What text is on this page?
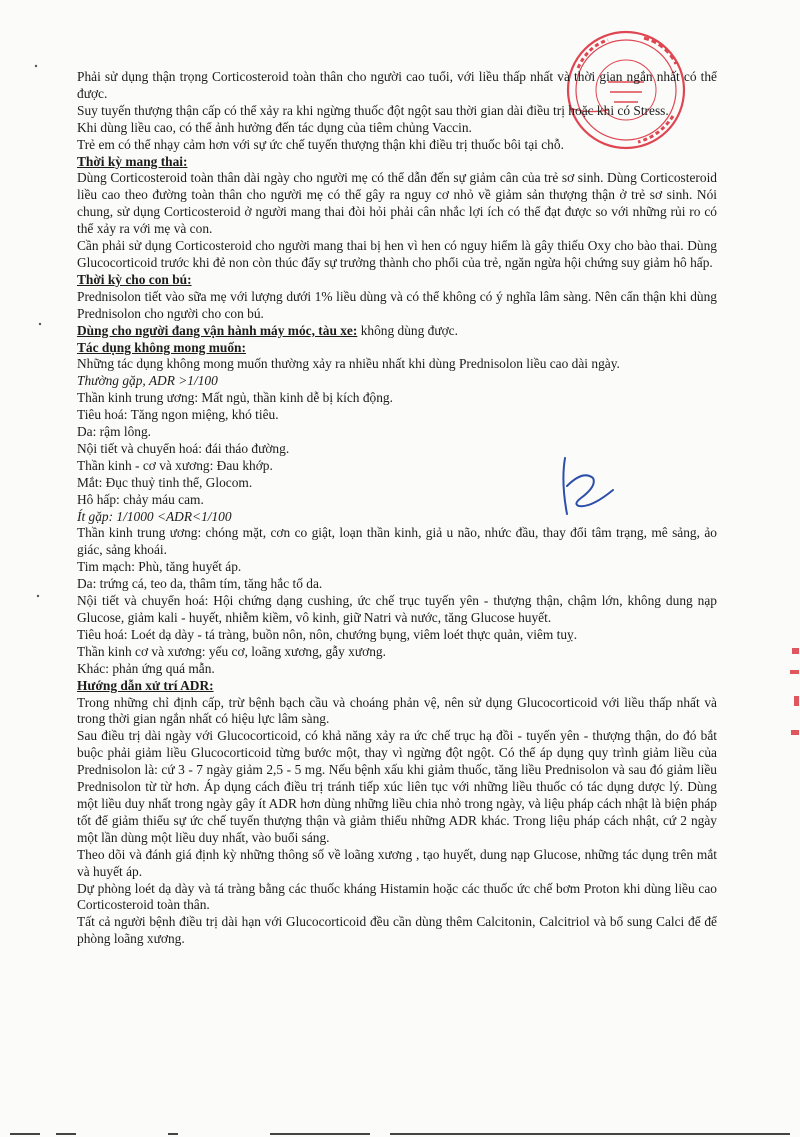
Phải sử dụng thận trọng Corticosteroid toàn thân cho người cao tuổi, với liều thấp nhất và thời gian ngắn nhất có thể được.

Suy tuyến thượng thận cấp có thể xảy ra khi ngừng thuốc đột ngột sau thời gian dài điều trị hoặc khi có Stress.

Khi dùng liều cao, có thể ảnh hưởng đến tác dụng của tiêm chủng Vaccin.

Trẻ em có thể nhạy cảm hơn với sự ức chế tuyến thượng thận khi điều trị thuốc bôi tại chỗ.

Thời kỳ mang thai:

Dùng Corticosteroid toàn thân dài ngày cho người mẹ có thể dẫn đến sự giảm cân của trẻ sơ sinh. Dùng Corticosteroid liều cao theo đường toàn thân cho người mẹ có thể gây ra nguy cơ nhỏ về giảm sản thượng thận ở trẻ sơ sinh. Nói chung, sử dụng Corticosteroid ở người mang thai đòi hỏi phải cân nhắc lợi ích có thể đạt được so với những rủi ro có thể xảy ra với mẹ và con.

Cần phải sử dụng Corticosteroid cho người mang thai bị hen vì hen có nguy hiểm là gây thiếu Oxy cho bào thai. Dùng Glucocorticoid trước khi đẻ non còn thúc đẩy sự trưởng thành cho phổi của trẻ, ngăn ngừa hội chứng suy giảm hô hấp.

Thời kỳ cho con bú:

Prednisolon tiết vào sữa mẹ với lượng dưới 1% liều dùng và có thể không có ý nghĩa lâm sàng. Nên cẩn thận khi dùng Prednisolon cho người cho con bú.

Dùng cho người đang vận hành máy móc, tàu xe: không dùng được.

Tác dụng không mong muốn:

Những tác dụng không mong muốn thường xảy ra nhiều nhất khi dùng Prednisolon liều cao dài ngày.

Thường gặp, ADR >1/100

Thần kinh trung ương: Mất ngủ, thần kinh dễ bị kích động.

Tiêu hoá: Tăng ngon miệng, khó tiêu.

Da: rậm lông.

Nội tiết và chuyển hoá: đái tháo đường.

Thần kinh - cơ và xương: Đau khớp.

Mắt: Đục thuỷ tinh thể, Glocom.

Hô hấp: chảy máu cam.

Ít gặp: 1/1000 <ADR<1/100

Thần kinh trung ương: chóng mặt, cơn co giật, loạn thần kinh, giả u não, nhức đầu, thay đổi tâm trạng, mê sảng, ảo giác, sảng khoái.

Tim mạch: Phù, tăng huyết áp.

Da: trứng cá, teo da, thâm tím, tăng hắc tố da.

Nội tiết và chuyển hoá: Hội chứng dạng cushing, ức chế trục tuyến yên - thượng thận, chậm lớn, không dung nạp Glucose, giảm kali - huyết, nhiễm kiềm, vô kinh, giữ Natri và nước, tăng Glucose huyết.

Tiêu hoá: Loét dạ dày - tá tràng, buồn nôn, nôn, chướng bụng, viêm loét thực quản, viêm tuỵ.

Thần kinh cơ và xương: yếu cơ, loãng xương, gẫy xương.

Khác: phản ứng quá mẫn.

Hướng dẫn xử trí ADR:

Trong những chỉ định cấp, trừ bệnh bạch cầu và choáng phản vệ, nên sử dụng Glucocorticoid với liều thấp nhất và trong thời gian ngắn nhất có hiệu lực lâm sàng.

Sau điều trị dài ngày với Glucocorticoid, có khả năng xảy ra ức chế trục hạ đồi - tuyến yên - thượng thận, do đó bắt buộc phải giảm liều Glucocorticoid từng bước một, thay vì ngừng đột ngột. Có thể áp dụng quy trình giảm liều của Prednisolon là: cứ 3 - 7 ngày giảm 2,5 - 5 mg. Nếu bệnh xấu khi giảm thuốc, tăng liều Prednisolon và sau đó giảm liều Prednisolon từ từ hơn. Áp dụng cách điều trị tránh tiếp xúc liên tục với những liều thuốc có tác dụng dược lý. Dùng một liều duy nhất trong ngày gây ít ADR hơn dùng những liều chia nhỏ trong ngày, và liệu pháp cách nhật là biện pháp tốt để giảm thiểu sự ức chế tuyến thượng thận và giảm thiểu những ADR khác. Trong liệu pháp cách nhật, cứ 2 ngày một lần dùng một liều duy nhất, vào buổi sáng.

Theo dõi và đánh giá định kỳ những thông số về loãng xương , tạo huyết, dung nạp Glucose, những tác dụng trên mắt và huyết áp.

Dự phòng loét dạ dày và tá tràng bằng các thuốc kháng Histamin hoặc các thuốc ức chế bơm Proton khi dùng liều cao Corticosteroid toàn thân.

Tất cả người bệnh điều trị dài hạn với Glucocorticoid đều cần dùng thêm Calcitonin, Calcitriol và bổ sung Calci để để phòng loãng xương.
